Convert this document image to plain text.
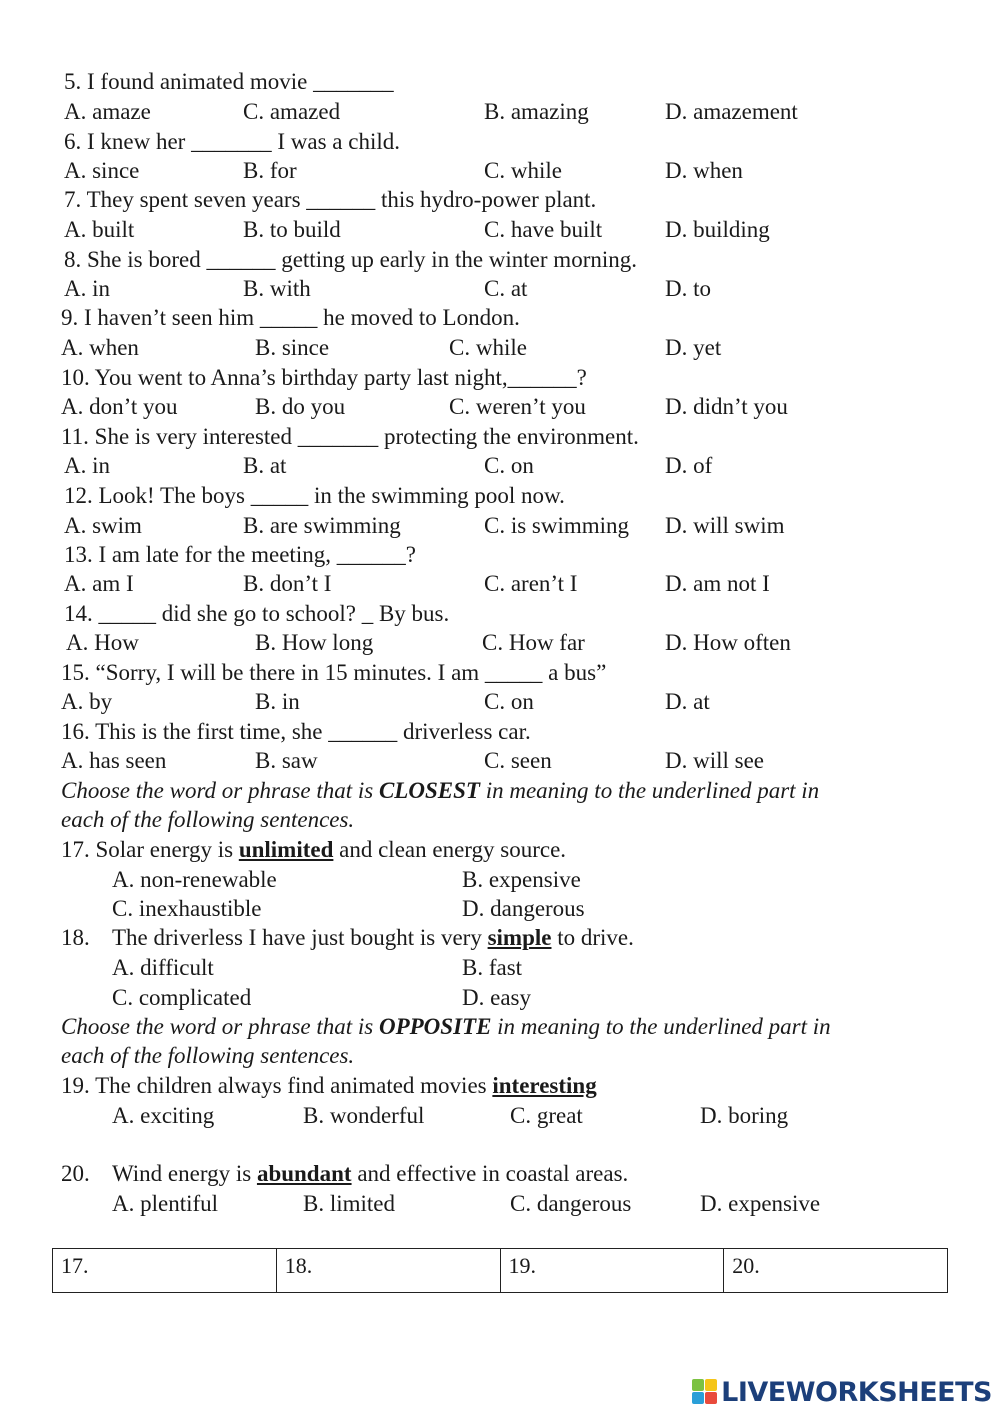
5. I found animated movie _______
A. amaze	C. amazed	B. amazing	D. amazement
6. I knew her _______ I was a child.
A. since	B. for	C. while	D. when
7. They spent seven years ______ this hydro-power plant.
A. built	B. to build	C. have built	D. building
8. She is bored ______ getting up early in the winter morning.
A. in	B. with	C. at	D. to
9. I haven’t seen him _____ he moved to London.
A. when	B. since	C. while	D. yet
10. You went to Anna’s birthday party last night,______?
A. don’t you	B. do you	C. weren’t you	D. didn’t you
11. She is very interested _______ protecting the environment.
A. in	B. at	C. on	D. of
12. Look! The boys _____ in the swimming pool now.
A. swim	B. are swimming	C. is swimming D. will swim
13. I am late for the meeting, ______?
A. am I	B. don’t I	C. aren’t I	D. am not I
14. _____ did she go to school? _ By bus.
A. How	B. How long	C. How far	D. How often
15. “Sorry, I will be there in 15 minutes. I am _____ a bus”
A. by	B. in	C. on	D. at
16. This is the first time, she ______ driverless car.
A. has seen	B. saw	C. seen	D. will see
Choose the word or phrase that is CLOSEST in meaning to the underlined part in
each of the following sentences.
17. Solar energy is unlimited and clean energy source.
A. non-renewable	B. expensive
C. inexhaustible	D. dangerous
18. The driverless I have just bought is very simple to drive.
A. difficult	B. fast
C. complicated	D. easy
Choose the word or phrase that is OPPOSITE in meaning to the underlined part in
each of the following sentences.
19. The children always find animated movies interesting
A. exciting	B. wonderful	C. great	D. boring
20. Wind energy is abundant and effective in coastal areas.
A. plentiful	B. limited	C. dangerous	D. expensive
17.	18.	19.	20.
LIVEWORKSHEETS
